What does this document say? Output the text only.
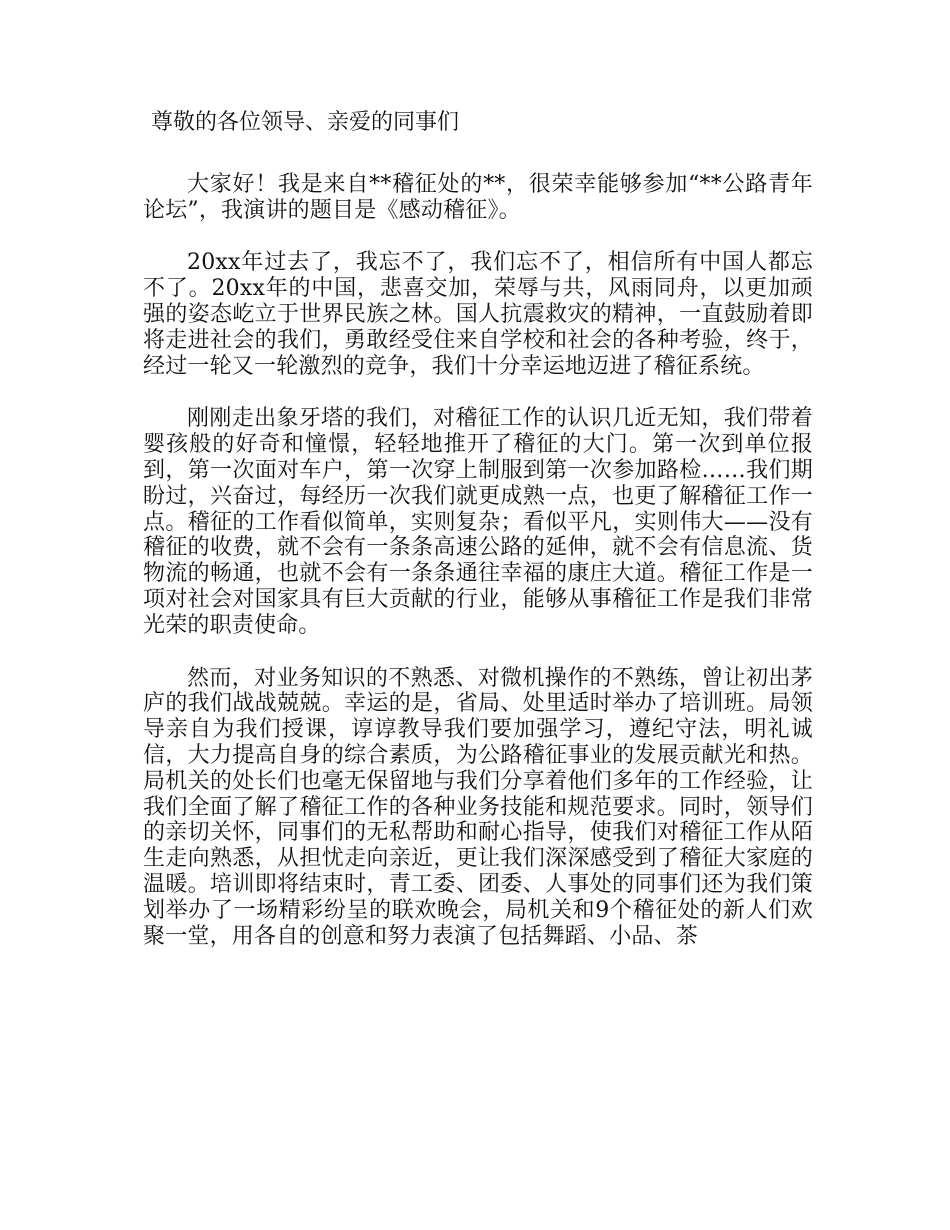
尊敬的各位领导、亲爱的同事们

大家好！我是来自**稽征处的**，很荣幸能够参加“**公路青年论坛”，我演讲的题目是《感动稽征》。

20xx年过去了，我忘不了，我们忘不了，相信所有中国人都忘不了。20xx年的中国，悲喜交加，荣辱与共，风雨同舟，以更加顽强的姿态屹立于世界民族之林。国人抗震救灾的精神，一直鼓励着即将走进社会的我们，勇敢经受住来自学校和社会的各种考验，终于，经过一轮又一轮激烈的竞争，我们十分幸运地迈进了稽征系统。

刚刚走出象牙塔的我们，对稽征工作的认识几近无知，我们带着婴孩般的好奇和憧憬，轻轻地推开了稽征的大门。第一次到单位报到，第一次面对车户，第一次穿上制服到第一次参加路检……我们期盼过，兴奋过，每经历一次我们就更成熟一点，也更了解稽征工作一点。稽征的工作看似简单，实则复杂；看似平凡，实则伟大——没有稽征的收费，就不会有一条条高速公路的延伸，就不会有信息流、货物流的畅通，也就不会有一条条通往幸福的康庄大道。稽征工作是一项对社会对国家具有巨大贡献的行业，能够从事稽征工作是我们非常光荣的职责使命。

然而，对业务知识的不熟悉、对微机操作的不熟练，曾让初出茅庐的我们战战兢兢。幸运的是，省局、处里适时举办了培训班。局领导亲自为我们授课，谆谆教导我们要加强学习，遵纪守法，明礼诚信，大力提高自身的综合素质，为公路稽征事业的发展贡献光和热。局机关的处长们也毫无保留地与我们分享着他们多年的工作经验，让我们全面了解了稽征工作的各种业务技能和规范要求。同时，领导们的亲切关怀，同事们的无私帮助和耐心指导，使我们对稽征工作从陌生走向熟悉，从担忧走向亲近，更让我们深深感受到了稽征大家庭的温暖。培训即将结束时，青工委、团委、人事处的同事们还为我们策划举办了一场精彩纷呈的联欢晚会，局机关和9个稽征处的新人们欢聚一堂，用各自的创意和努力表演了包括舞蹈、小品、茶
